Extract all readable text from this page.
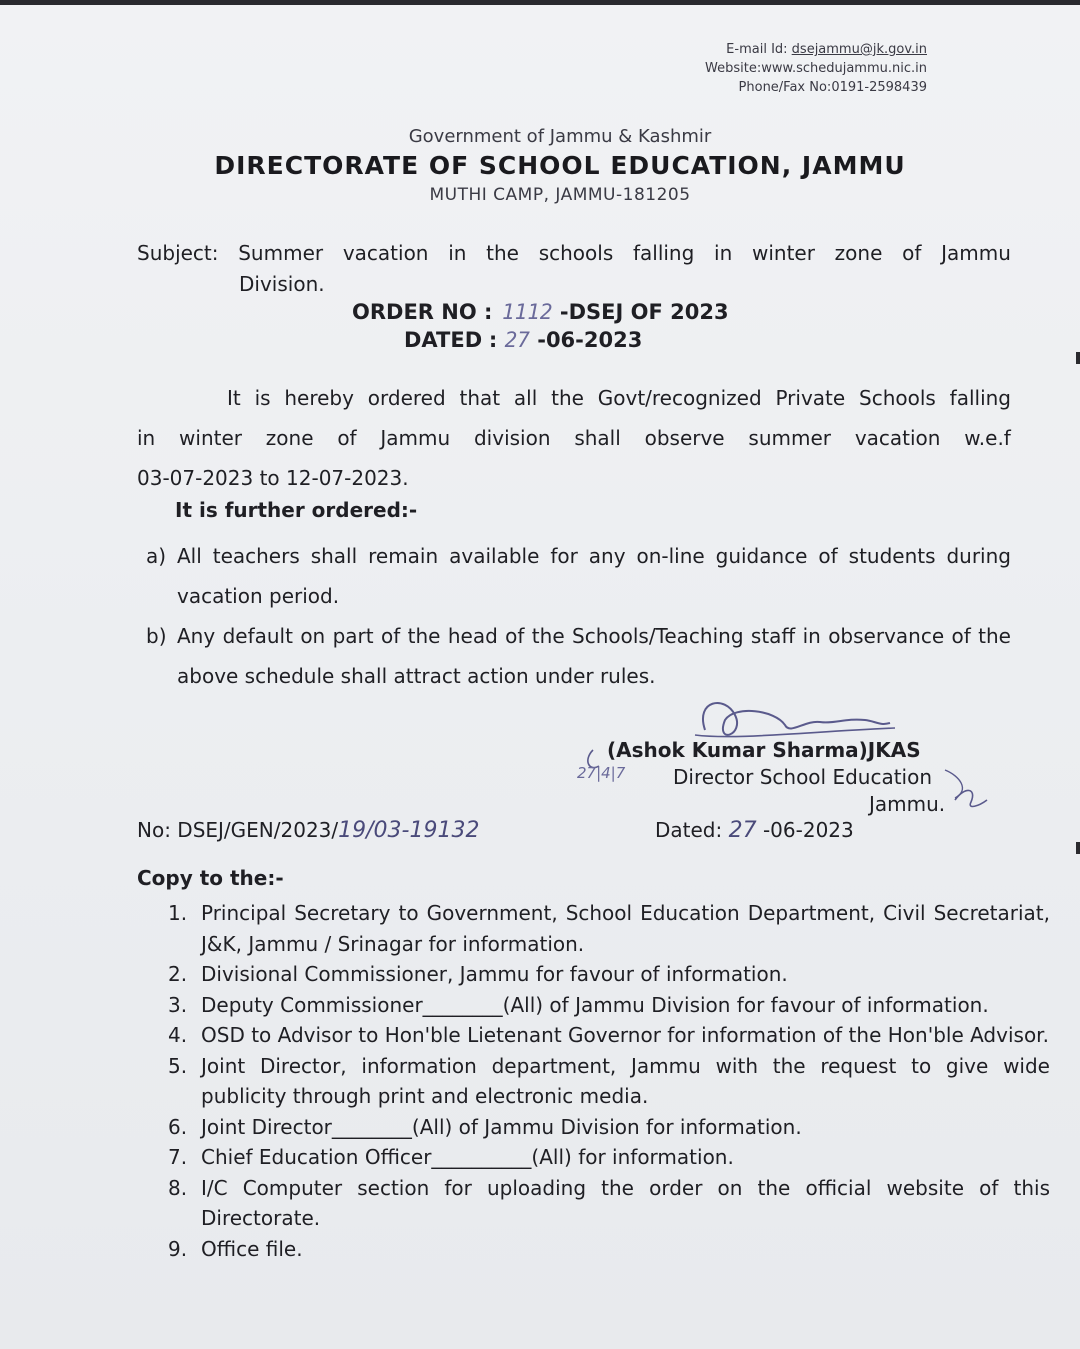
E-mail Id: dsejammu@jk.gov.in
Website:www.schedujammu.nic.in
Phone/Fax No:0191-2598439
Government of Jammu & Kashmir
DIRECTORATE OF SCHOOL EDUCATION, JAMMU
MUTHI CAMP, JAMMU-181205
Subject: Summer vacation in the schools falling in winter zone of Jammu
Division.
ORDER NO : 1112 -DSEJ OF 2023
DATED : 27 -06-2023
It is hereby ordered that all the Govt/recognized Private Schools falling
in winter zone of Jammu division shall observe summer vacation w.e.f
03-07-2023 to 12-07-2023.
It is further ordered:-
a) All teachers shall remain available for any on-line guidance of students during vacation period.
b) Any default on part of the head of the Schools/Teaching staff in observance of the above schedule shall attract action under rules.
(Ashok Kumar Sharma)JKAS
27|4|7 Director School Education
Jammu.
No: DSEJ/GEN/2023/19/03-19132	Dated: 27 -06-2023
Copy to the:-
1. Principal Secretary to Government, School Education Department, Civil Secretariat, J&K, Jammu / Srinagar for information.
2. Divisional Commissioner, Jammu for favour of information.
3. Deputy Commissioner________(All) of Jammu Division for favour of information.
4. OSD to Advisor to Hon'ble Lietenant Governor for information of the Hon'ble Advisor.
5. Joint Director, information department, Jammu with the request to give wide publicity through print and electronic media.
6. Joint Director________(All) of Jammu Division for information.
7. Chief Education Officer__________(All) for information.
8. I/C Computer section for uploading the order on the official website of this Directorate.
9. Office file.
